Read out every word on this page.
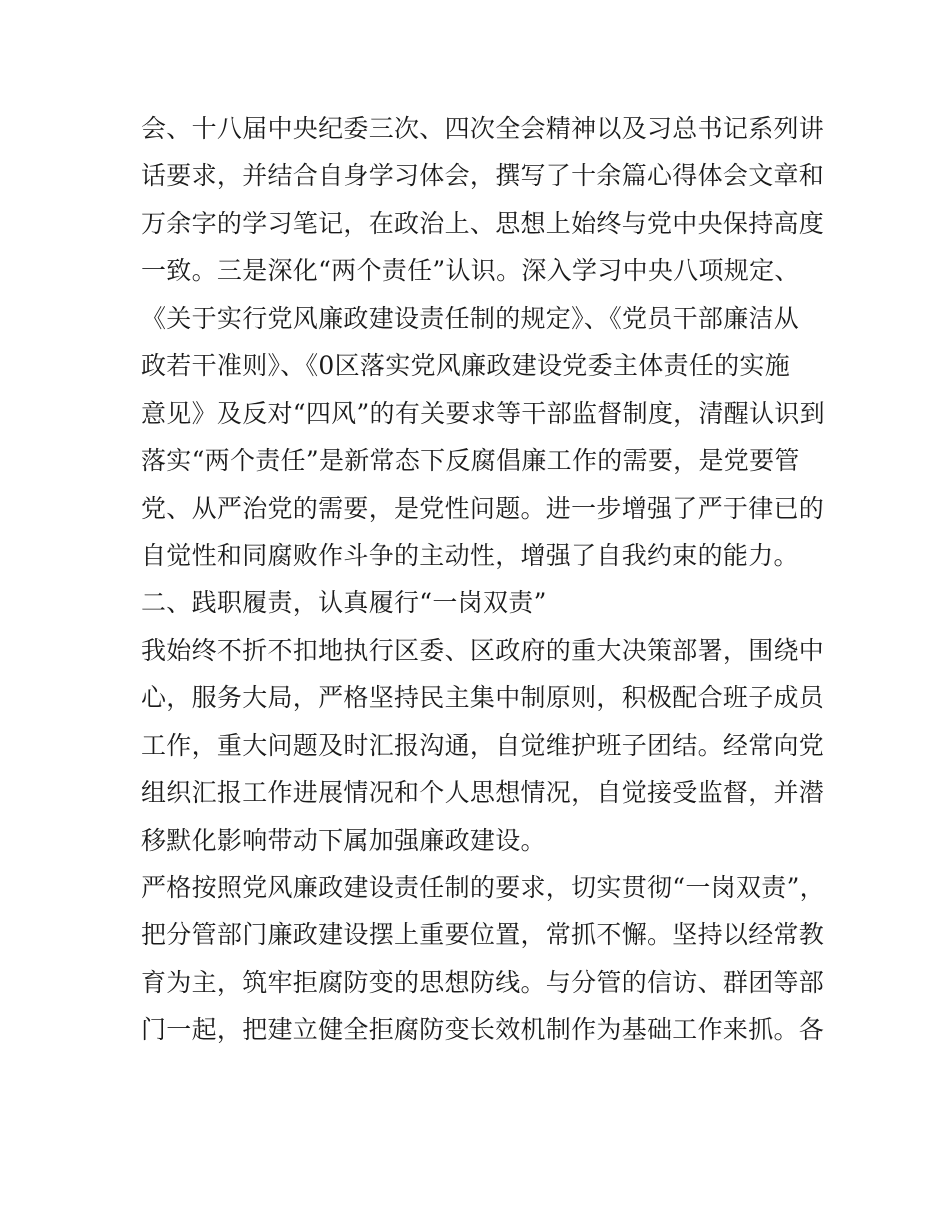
会、十八届中央纪委三次、四次全会精神以及习总书记系列讲
话要求，并结合自身学习体会，撰写了十余篇心得体会文章和
万余字的学习笔记，在政治上、思想上始终与党中央保持高度
一致。三是深化“两个责任”认识。深入学习中央八项规定、
《关于实行党风廉政建设责任制的规定》、《党员干部廉洁从
政若干准则》、《0区落实党风廉政建设党委主体责任的实施
意见》及反对“四风”的有关要求等干部监督制度，清醒认识到
落实“两个责任”是新常态下反腐倡廉工作的需要，是党要管
党、从严治党的需要，是党性问题。进一步增强了严于律已的
自觉性和同腐败作斗争的主动性，增强了自我约束的能力。
二、践职履责，认真履行“一岗双责”
我始终不折不扣地执行区委、区政府的重大决策部署，围绕中
心，服务大局，严格坚持民主集中制原则，积极配合班子成员
工作，重大问题及时汇报沟通，自觉维护班子团结。经常向党
组织汇报工作进展情况和个人思想情况，自觉接受监督，并潜
移默化影响带动下属加强廉政建设。
严格按照党风廉政建设责任制的要求，切实贯彻“一岗双责”，
把分管部门廉政建设摆上重要位置，常抓不懈。坚持以经常教
育为主，筑牢拒腐防变的思想防线。与分管的信访、群团等部
门一起，把建立健全拒腐防变长效机制作为基础工作来抓。各
